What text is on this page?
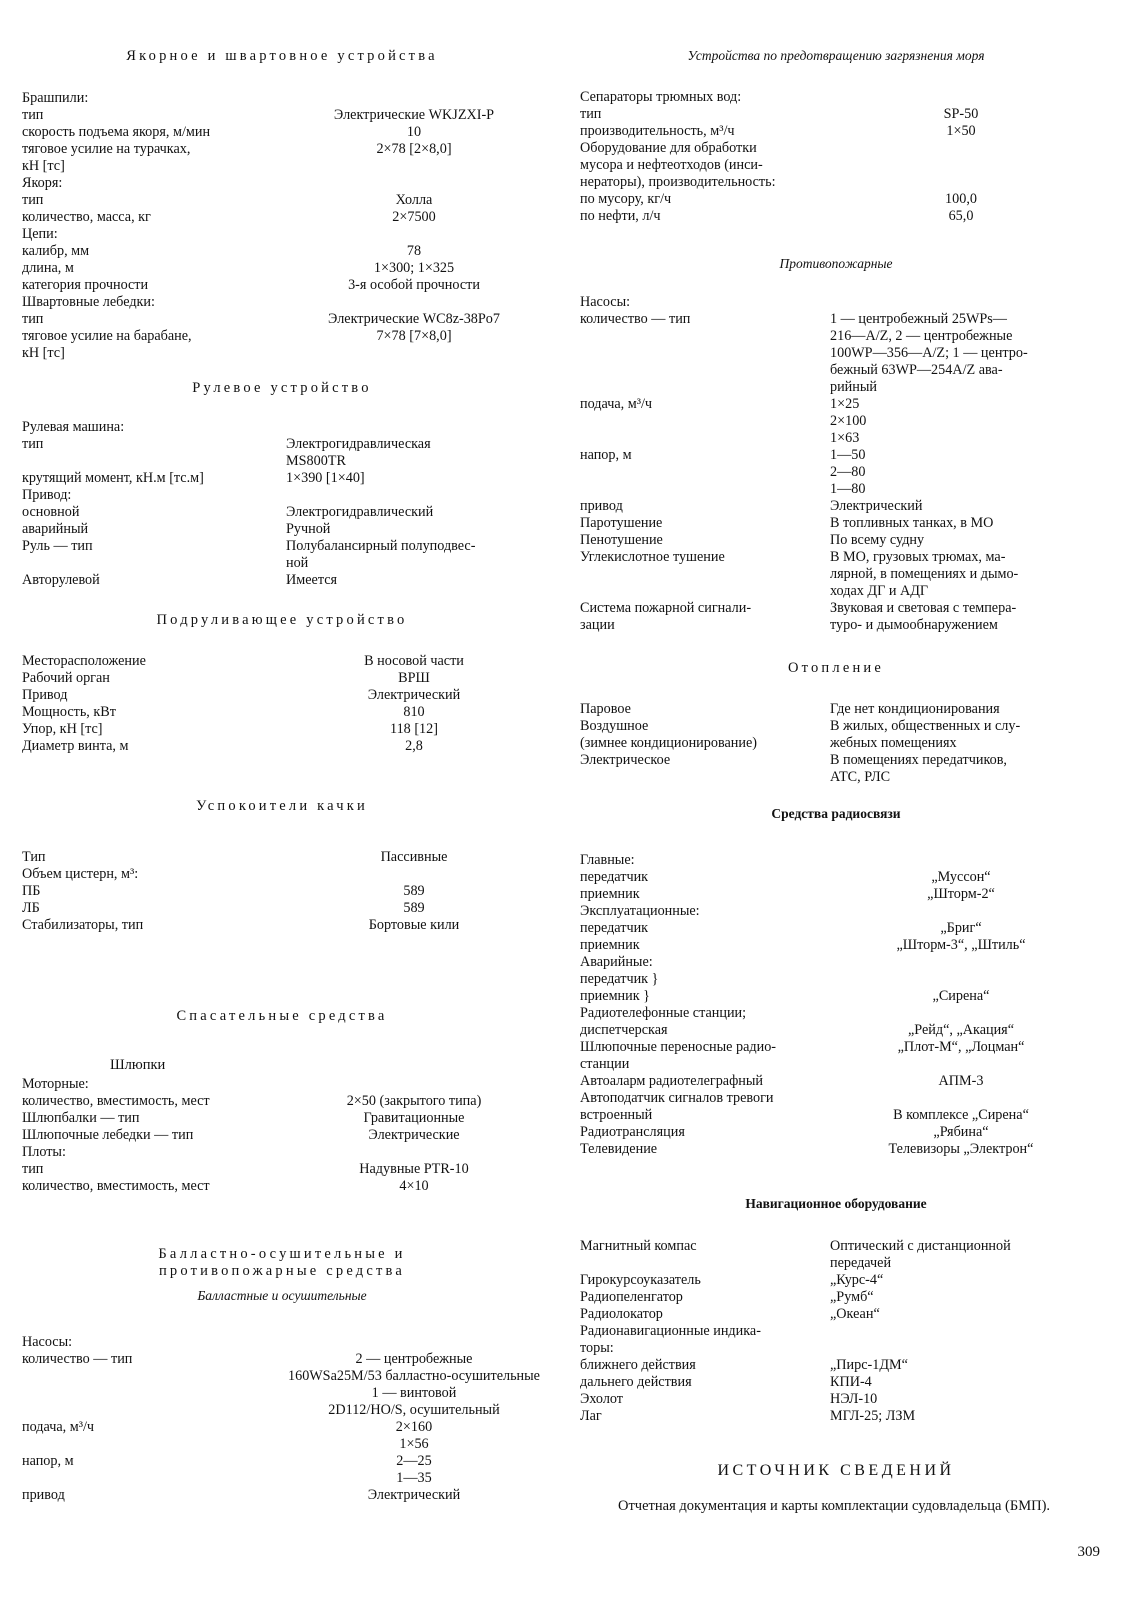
Якорное и швартовное устройства
Брашпили:
тип	Электрические WKJZXI-P
скорость подъема якоря, м/мин	10
тяговое усилие на турачках,	2×78 [2×8,0]
кН [тс]
Якоря:
тип	Холла
количество, масса, кг	2×7500
Цепи:
калибр, мм	78
длина, м	1×300; 1×325
категория прочности	3-я особой прочности
Швартовные лебедки:
тип	Электрические WC8z-38Po7
тяговое усилие на барабане,	7×78 [7×8,0]
кН [тс]
Рулевое устройство
Рулевая машина:
тип	Электрогидравлическая
MS800TR
крутящий момент, кН.м [тс.м]	1×390 [1×40]
Привод:
основной	Электрогидравлический
аварийный	Ручной
Руль — тип	Полубалансирный полуподвес-
ной
Авторулевой	Имеется
Подруливающее устройство
Месторасположение	В носовой части
Рабочий орган	ВРШ
Привод	Электрический
Мощность, кВт	810
Упор, кН [тс]	118 [12]
Диаметр винта, м	2,8
Успокоители качки
Тип	Пассивные
Объем цистерн, м³:
ПБ	589
ЛБ	589
Стабилизаторы, тип	Бортовые кили
Спасательные средства
Шлюпки
Моторные:
количество, вместимость, мест	2×50 (закрытого типа)
Шлюпбалки — тип	Гравитационные
Шлюпочные лебедки — тип	Электрические
Плоты:
тип	Надувные PTR-10
количество, вместимость, мест	4×10
Балластно-осушительные и
противопожарные средства
Балластные и осушительные
Насосы:
количество — тип	2 — центробежные
160WSa25M/53 балластно-осушительные
1 — винтовой
2D112/HO/S, осушительный
подача, м³/ч	2×160
1×56
напор, м	2—25
1—35
привод	Электрический
Устройства по предотвращению загрязнения моря
Сепараторы трюмных вод:
тип	SP-50
производительность, м³/ч	1×50
Оборудование для обработки
мусора и нефтеотходов (инси-
нераторы), производительность:
по мусору, кг/ч	100,0
по нефти, л/ч	65,0
Противопожарные
Насосы:
количество — тип	1 — центробежный 25WPs—
216—A/Z, 2 — центробежные
100WP—356—A/Z; 1 — центро-
бежный 63WP—254A/Z ава-
рийный
подача, м³/ч	1×25
2×100
1×63
напор, м	1—50
2—80
1—80
привод	Электрический
Паротушение	В топливных танках, в МО
Пенотушение	По всему судну
Углекислотное тушение	В МО, грузовых трюмах, ма-
лярной, в помещениях и дымо-
ходах ДГ и АДГ
Система пожарной сигнали-	Звуковая и световая с темпера-
зации	туро- и дымообнаружением
Отопление
Паровое	Где нет кондиционирования
Воздушное	В жилых, общественных и слу-
(зимнее кондиционирование)	жебных помещениях
Электрическое	В помещениях передатчиков,
АТС, РЛС
Средства радиосвязи
Главные:
передатчик	„Муссон“
приемник	„Шторм-2“
Эксплуатационные:
передатчик	„Бриг“
приемник	„Шторм-3“, „Штиль“
Аварийные:
передатчик }
приемник }	„Сирена“
Радиотелефонные станции;
диспетчерская	„Рейд“, „Акация“
Шлюпочные переносные радио-	„Плот-М“, „Лоцман“
станции
Автоаларм радиотелеграфный	АПМ-3
Автоподатчик сигналов тревоги
встроенный	В комплексе „Сирена“
Радиотрансляция	„Рябина“
Телевидение	Телевизоры „Электрон“
Навигационное оборудование
Магнитный компас	Оптический с дистанционной
передачей
Гирокурсоуказатель	„Курс-4“
Радиопеленгатор	„Румб“
Радиолокатор	„Океан“
Радионавигационные индика-
торы:
ближнего действия	„Пирс-1ДМ“
дальнего действия	КПИ-4
Эхолот	НЭЛ-10
Лаг	МГЛ-25; ЛЗМ
ИСТОЧНИК СВЕДЕНИЙ
Отчетная документация и карты комплектации судовладельца (БМП).
309
